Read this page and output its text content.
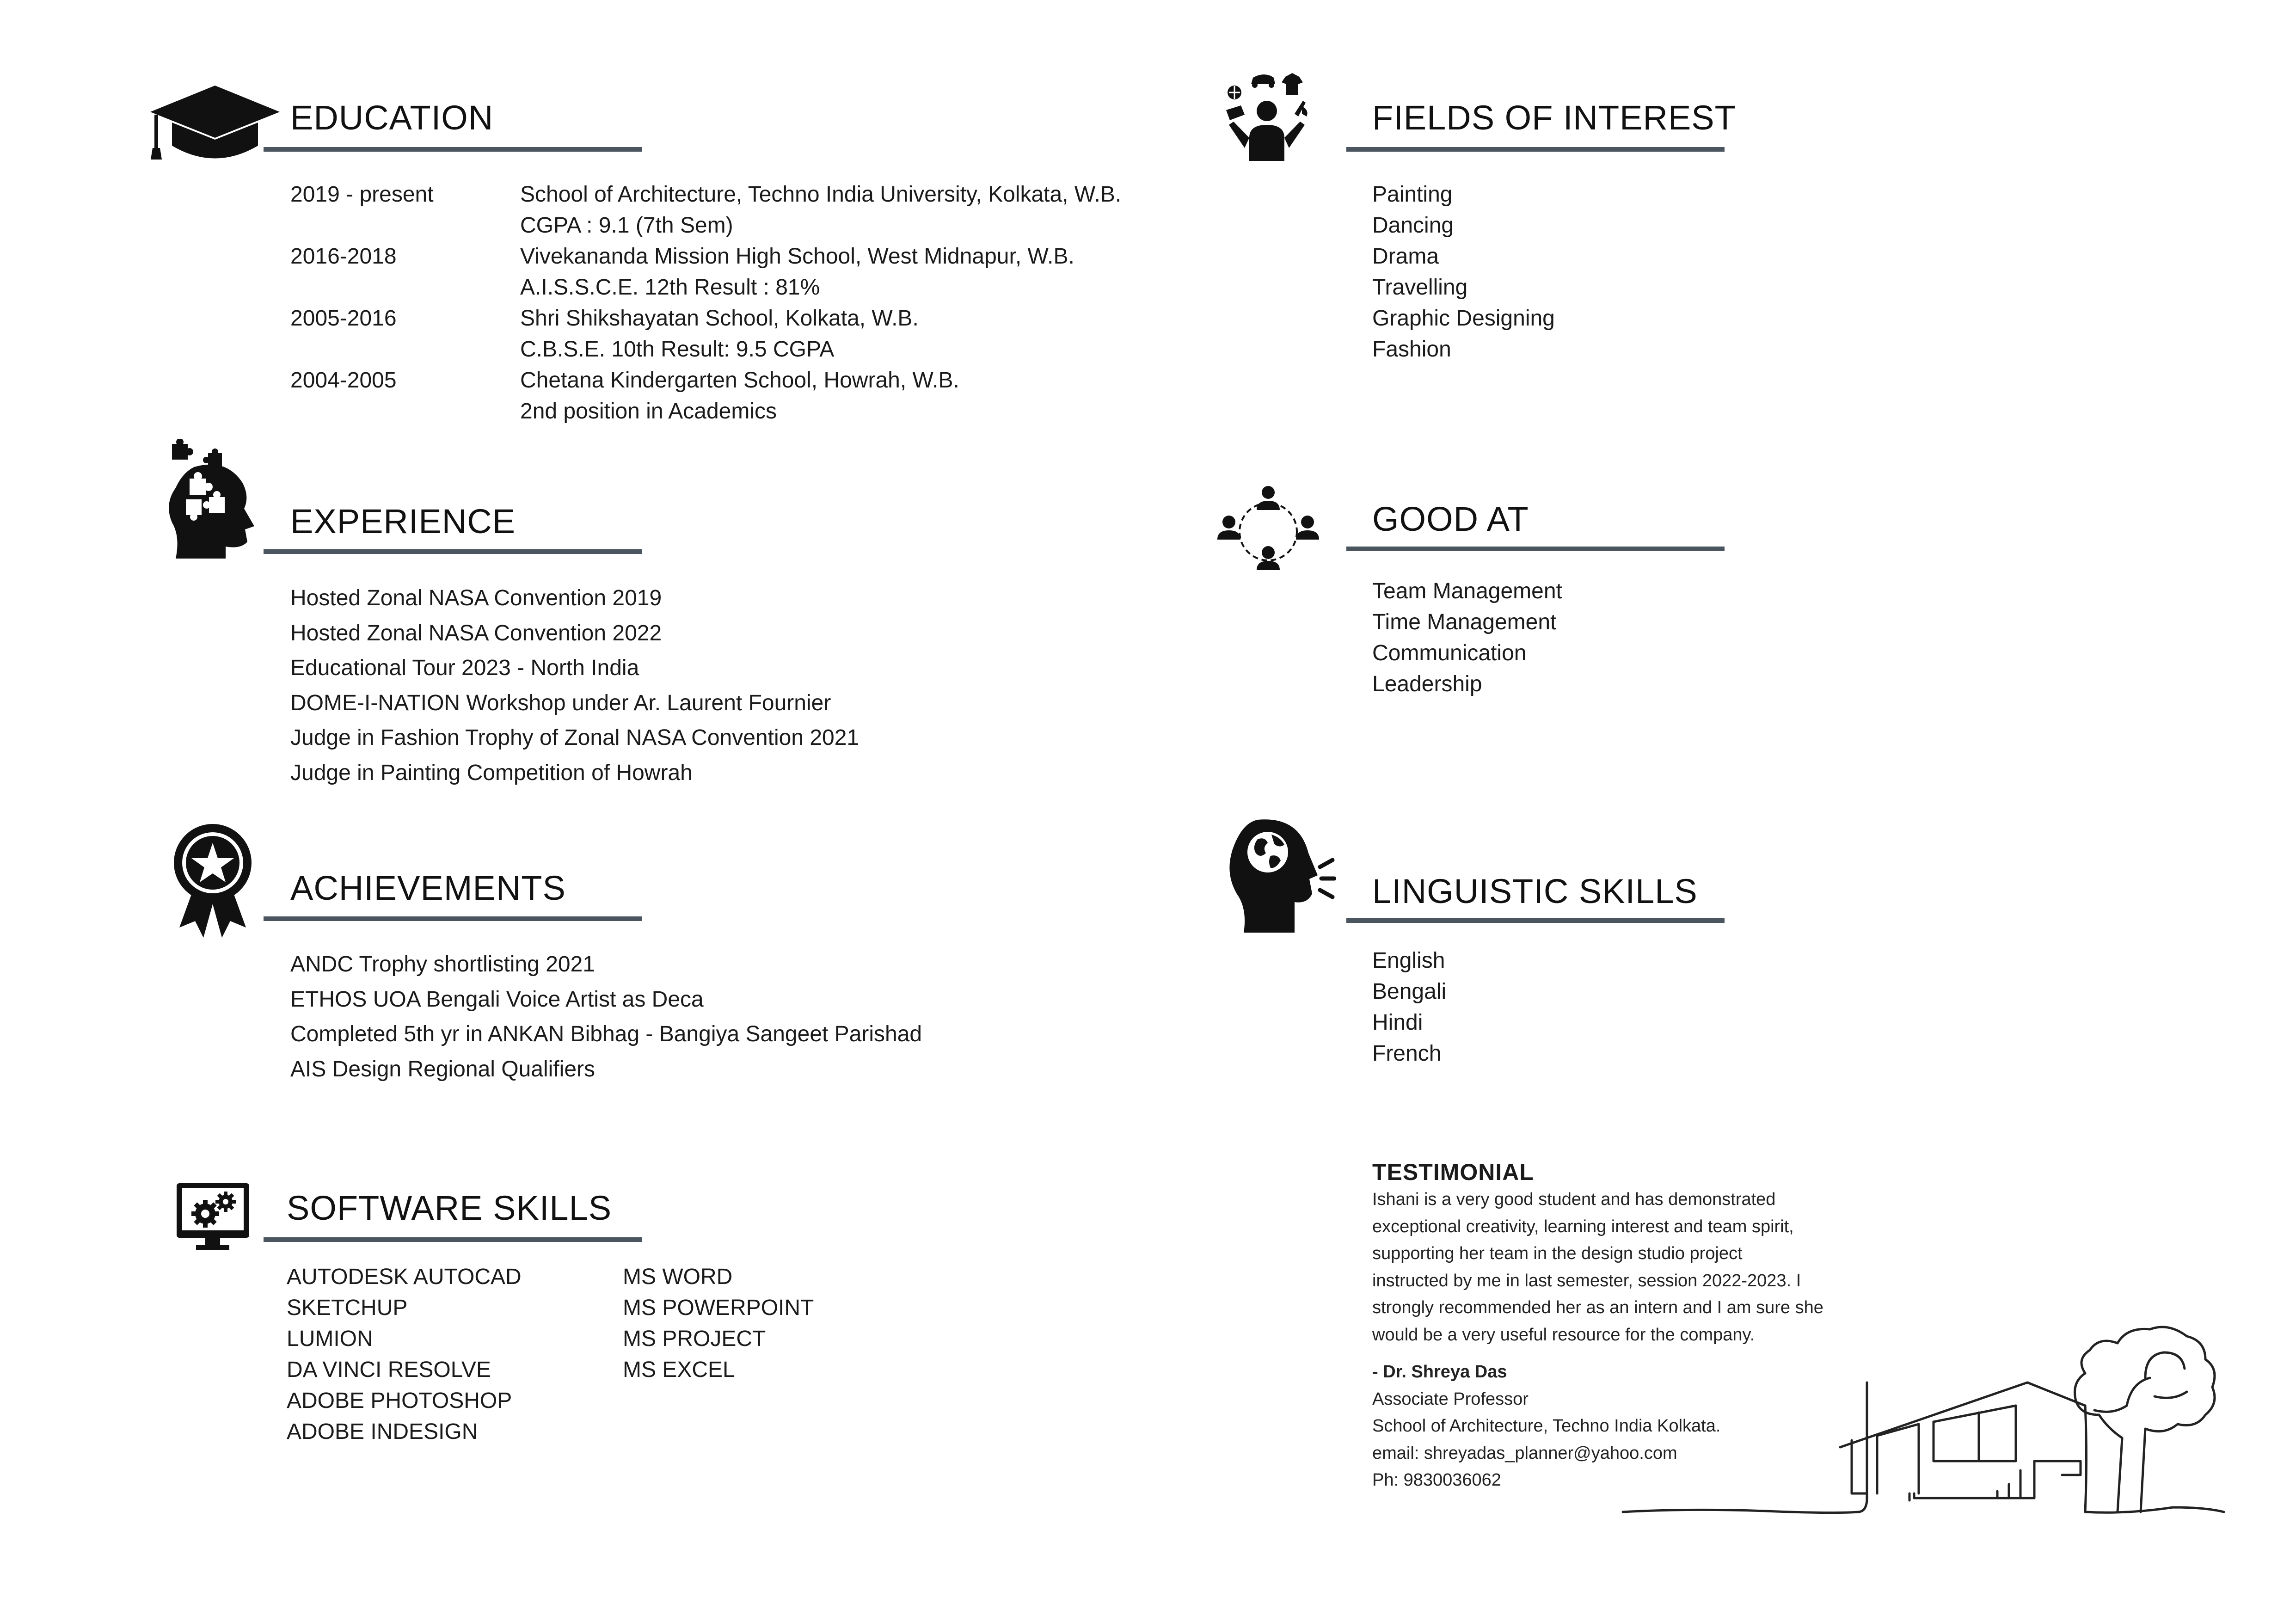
EDUCATION
2019 - present
2016-2018
2005-2016
2004-2005
School of Architecture, Techno India University, Kolkata, W.B.
CGPA : 9.1 (7th Sem)
Vivekananda Mission High School, West Midnapur, W.B.
A.I.S.S.C.E. 12th Result : 81%
Shri Shikshayatan School, Kolkata, W.B.
C.B.S.E. 10th Result: 9.5 CGPA
Chetana Kindergarten School, Howrah, W.B.
2nd position in Academics
EXPERIENCE
Hosted Zonal NASA Convention 2019
Hosted Zonal NASA Convention 2022
Educational Tour 2023 - North India
DOME-I-NATION Workshop under Ar. Laurent Fournier
Judge in Fashion Trophy of Zonal NASA Convention 2021
Judge in Painting Competition of Howrah
ACHIEVEMENTS
ANDC Trophy shortlisting 2021
ETHOS UOA Bengali Voice Artist as Deca
Completed 5th yr in ANKAN Bibhag - Bangiya Sangeet Parishad
AIS Design Regional Qualifiers
SOFTWARE SKILLS
AUTODESK AUTOCAD
SKETCHUP
LUMION
DA VINCI RESOLVE
ADOBE PHOTOSHOP
ADOBE INDESIGN
MS WORD
MS POWERPOINT
MS PROJECT
MS EXCEL
FIELDS OF INTEREST
Painting
Dancing
Drama
Travelling
Graphic Designing
Fashion
GOOD AT
Team Management
Time Management
Communication
Leadership
LINGUISTIC SKILLS
English
Bengali
Hindi
French
TESTIMONIAL
Ishani is a very good student and has demonstrated
exceptional creativity, learning interest and team spirit,
supporting her team in the design studio project
instructed by me in last semester, session 2022-2023. I
strongly recommended her as an intern and I am sure she
would be a very useful resource for the company.
- Dr. Shreya Das
Associate Professor
School of Architecture, Techno India Kolkata.
email: shreyadas_planner@yahoo.com
Ph: 9830036062
